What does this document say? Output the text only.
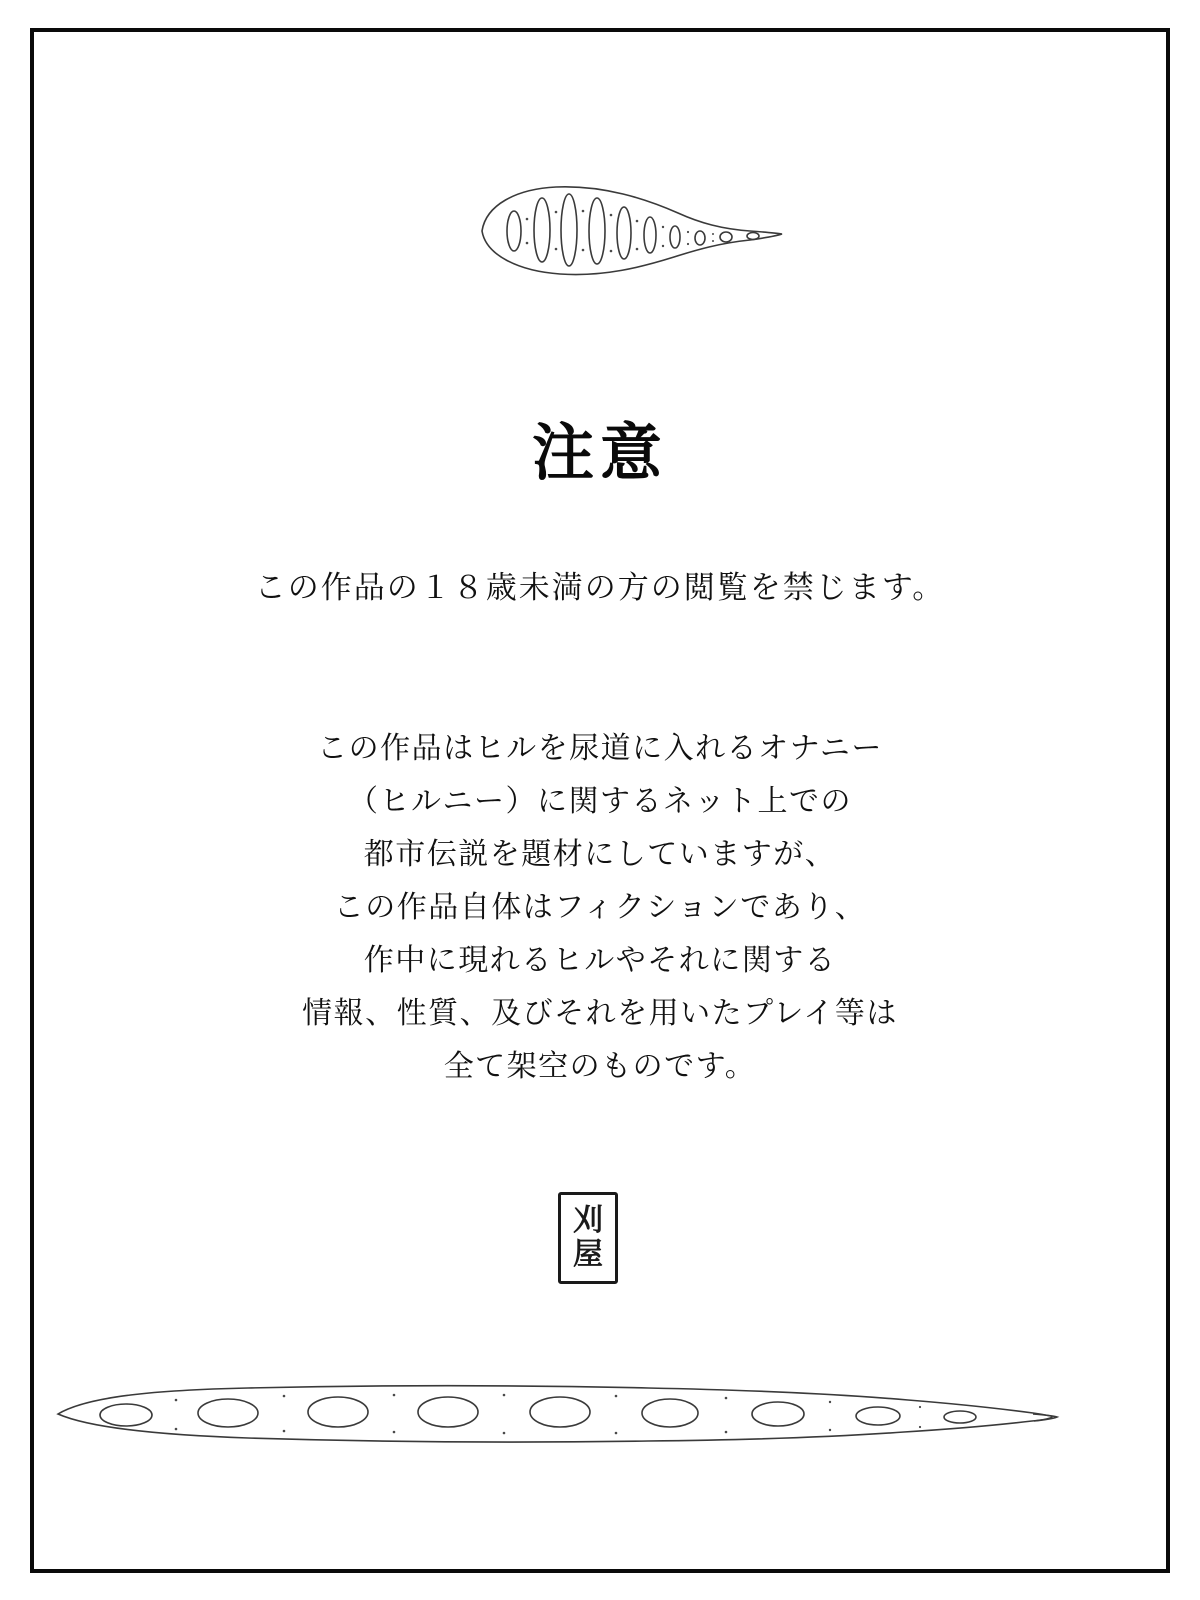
注意
この作品の１８歳未満の方の閲覧を禁じます。
この作品はヒルを尿道に入れるオナニー
（ヒルニー）に関するネット上での
都市伝説を題材にしていますが、
この作品自体はフィクションであり、
作中に現れるヒルやそれに関する
情報、性質、及びそれを用いたプレイ等は
全て架空のものです。
刈
屋
